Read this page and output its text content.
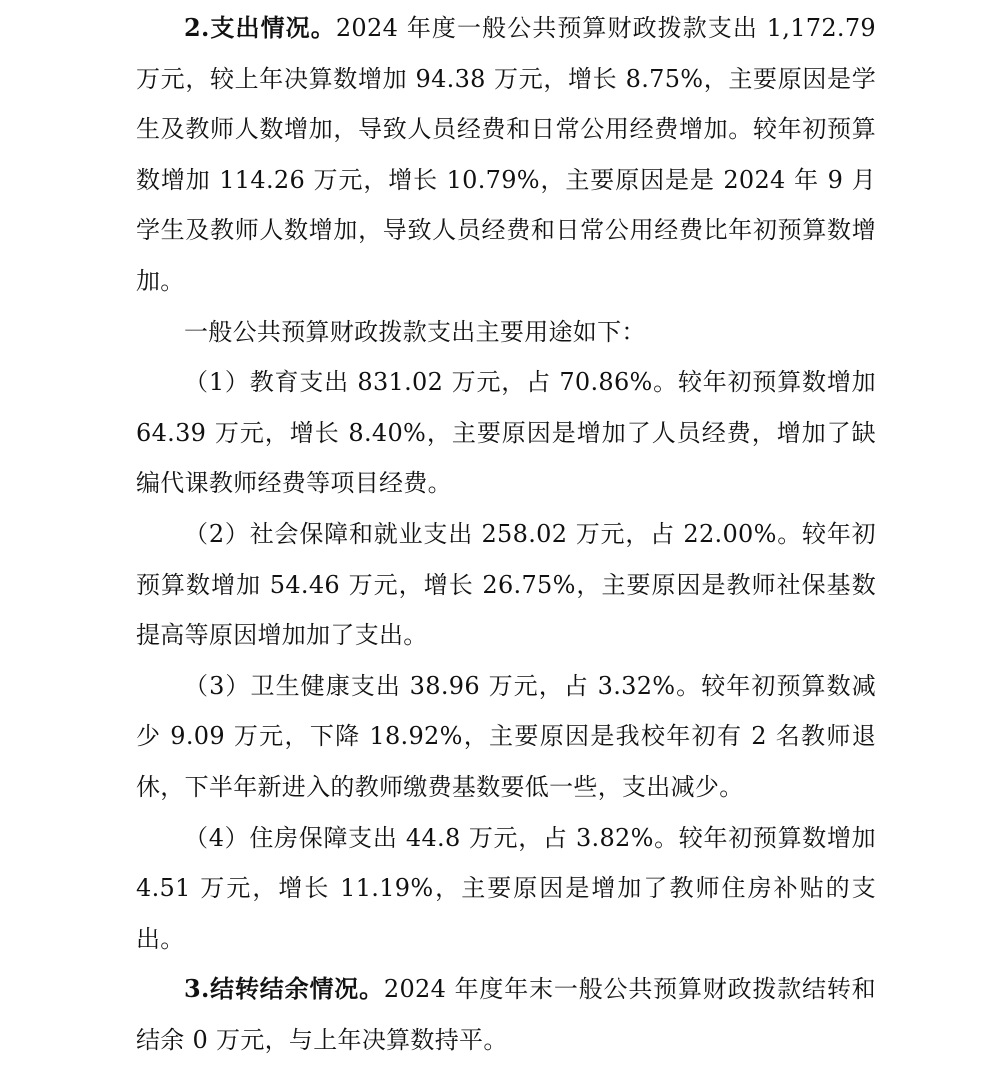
2.支出情况。2024 年度一般公共预算财政拨款支出 1,172.79 万元，较上年决算数增加 94.38 万元，增长 8.75%，主要原因是学生及教师人数增加，导致人员经费和日常公用经费增加。较年初预算数增加 114.26 万元，增长 10.79%，主要原因是是 2024 年 9 月学生及教师人数增加，导致人员经费和日常公用经费比年初预算数增加。

一般公共预算财政拨款支出主要用途如下：

（1）教育支出 831.02 万元，占 70.86%。较年初预算数增加 64.39 万元，增长 8.40%，主要原因是增加了人员经费，增加了缺编代课教师经费等项目经费。

（2）社会保障和就业支出 258.02 万元，占 22.00%。较年初预算数增加 54.46 万元，增长 26.75%，主要原因是教师社保基数提高等原因增加加了支出。

（3）卫生健康支出 38.96 万元，占 3.32%。较年初预算数减少 9.09 万元，下降 18.92%，主要原因是我校年初有 2 名教师退休，下半年新进入的教师缴费基数要低一些，支出减少。

（4）住房保障支出 44.8 万元，占 3.82%。较年初预算数增加 4.51 万元，增长 11.19%，主要原因是增加了教师住房补贴的支出。

3.结转结余情况。2024 年度年末一般公共预算财政拨款结转和结余 0 万元，与上年决算数持平。
